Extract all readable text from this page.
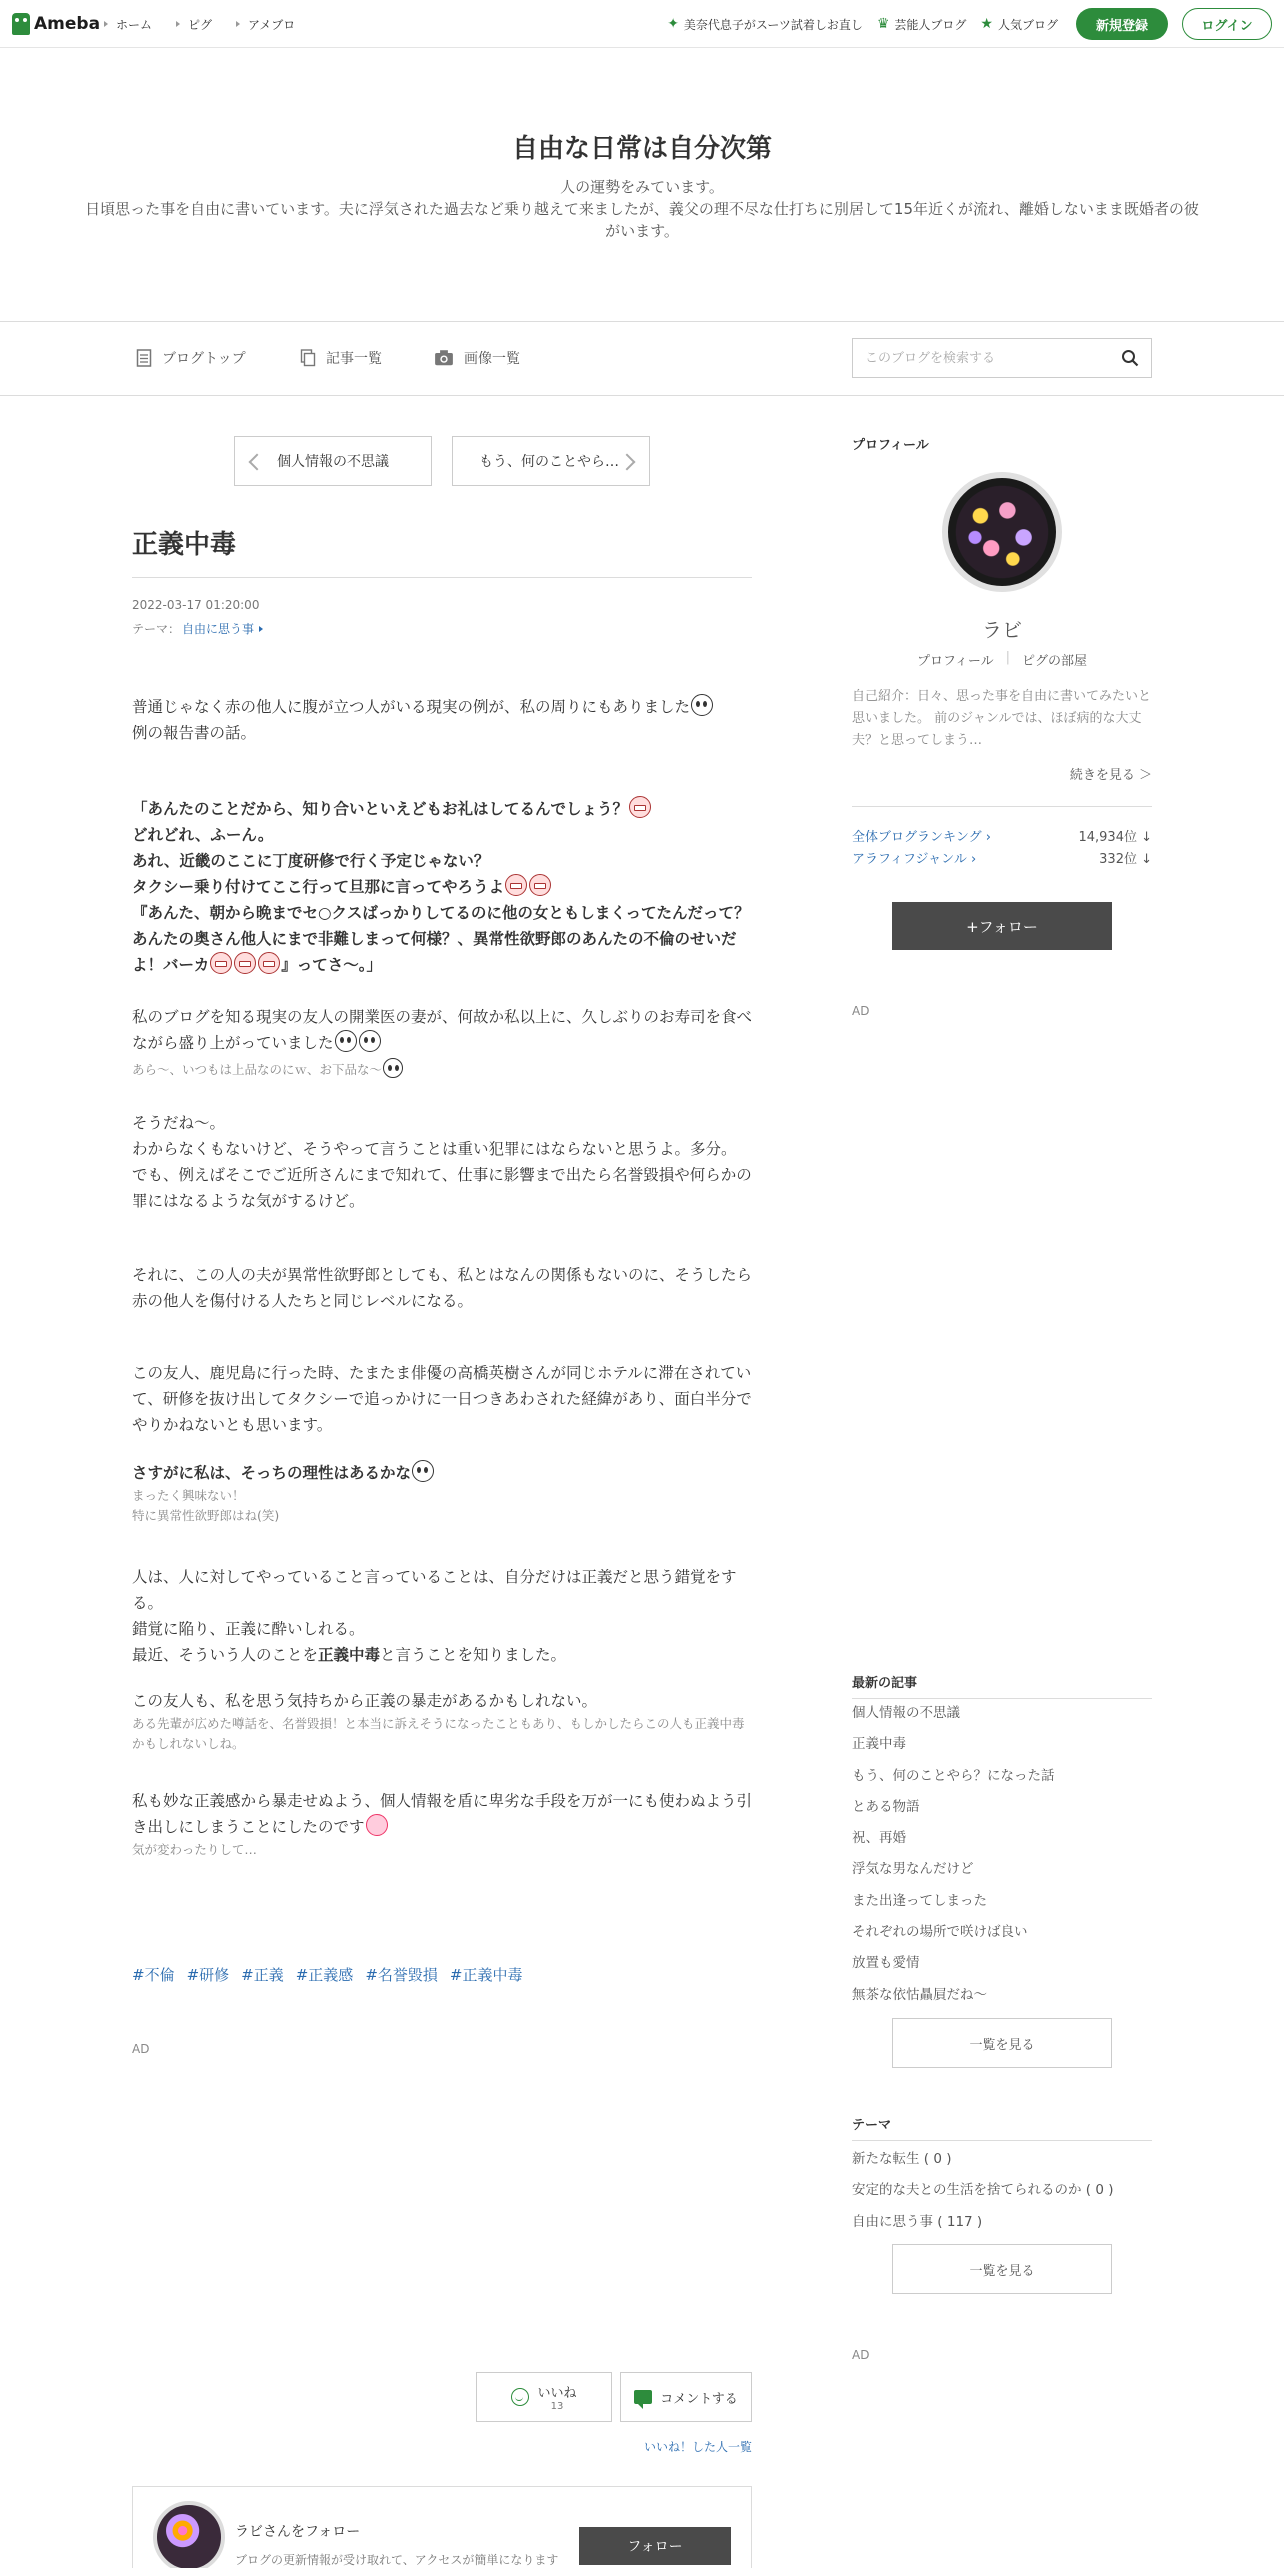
Ameba ホーム	ピグ	アメブロ	✦ 美奈代息子がスーツ試着しお直し ♛ 芸能人ブログ ★ 人気ブログ	新規登録	ログイン
自由な日常は自分次第
人の運勢をみています。
日頃思った事を自由に書いています。夫に浮気された過去など乗り越えて来ましたが、義父の理不尽な仕打ちに別居して15年近くが流れ、離婚しないまま既婚者の彼がいます。
ブログトップ	記事一覧	画像一覧
このブログを検索する
個人情報の不思議	もう、何のことやら…
正義中毒
2022-03-17 01:20:00
テーマ： 自由に思う事
普通じゃなく赤の他人に腹が立つ人がいる現実の例が、私の周りにもありました
例の報告書の話。
「あんたのことだから、知り合いといえどもお礼はしてるんでしょう？
どれどれ、ふーん。
あれ、近畿のここに丁度研修で行く予定じゃない？
タクシー乗り付けてここ行って旦那に言ってやろうよ
『あんた、朝から晩までセ○クスばっかりしてるのに他の女ともしまくってたんだって？あんたの奥さん他人にまで非難しまって何様？、異常性欲野郎のあんたの不倫のせいだよ！バーカ	』ってさ〜。」
私のブログを知る現実の友人の開業医の妻が、何故か私以上に、久しぶりのお寿司を食べながら盛り上がっていました
あら〜、いつもは上品なのにｗ、お下品な〜
そうだね～。
わからなくもないけど、そうやって言うことは重い犯罪にはならないと思うよ。多分。
でも、例えばそこでご近所さんにまで知れて、仕事に影響まで出たら名誉毀損や何らかの罪にはなるような気がするけど。
それに、この人の夫が異常性欲野郎としても、私とはなんの関係もないのに、そうしたら赤の他人を傷付ける人たちと同じレベルになる。
この友人、鹿児島に行った時、たまたま俳優の高橋英樹さんが同じホテルに滞在されていて、研修を抜け出してタクシーで追っかけに一日つきあわされた経緯があり、面白半分でやりかねないとも思います。
さすがに私は、そっちの理性はあるかな

まったく興味ない！
特に異常性欲野郎はね(笑)
人は、人に対してやっていること言っていることは、自分だけは正義だと思う錯覚をする。
錯覚に陥り、正義に酔いしれる。
最近、そういう人のことを正義中毒と言うことを知りました。
この友人も、私を思う気持ちから正義の暴走があるかもしれない。
ある先輩が広めた噂話を、名誉毀損！と本当に訴えそうになったこともあり、もしかしたらこの人も正義中毒かもしれないしね。
私も妙な正義感から暴走せぬよう、個人情報を盾に卑劣な手段を万が一にも使わぬよう引き出しにしまうことにしたのです

気が変わったりして…
#不倫 #研修 #正義 #正義感 #名誉毀損 #正義中毒
AD
いいね
13	コメントする
いいね！した人一覧
ラビさんをフォロー
ブログの更新情報が受け取れて、アクセスが簡単になります
フォロー
プロフィール
ラビ
プロフィール | ピグの部屋
自己紹介：日々、思った事を自由に書いてみたいと思いました。 前のジャンルでは、ほぼ病的な大丈夫？と思ってしまう…
続きを見る ＞
全体ブログランキング ›	14,934位 ↓
アラフィフジャンル ›	332位 ↓
+フォロー
AD
最新の記事
個人情報の不思議
正義中毒
もう、何のことやら？になった話
とある物語
祝、再婚
浮気な男なんだけど
また出逢ってしまった
それぞれの場所で咲けば良い
放置も愛情
無茶な依怙贔屓だね〜
一覧を見る
テーマ
新たな転生 ( 0 )
安定的な夫との生活を捨てられるのか ( 0 )
自由に思う事 ( 117 )
一覧を見る
AD
